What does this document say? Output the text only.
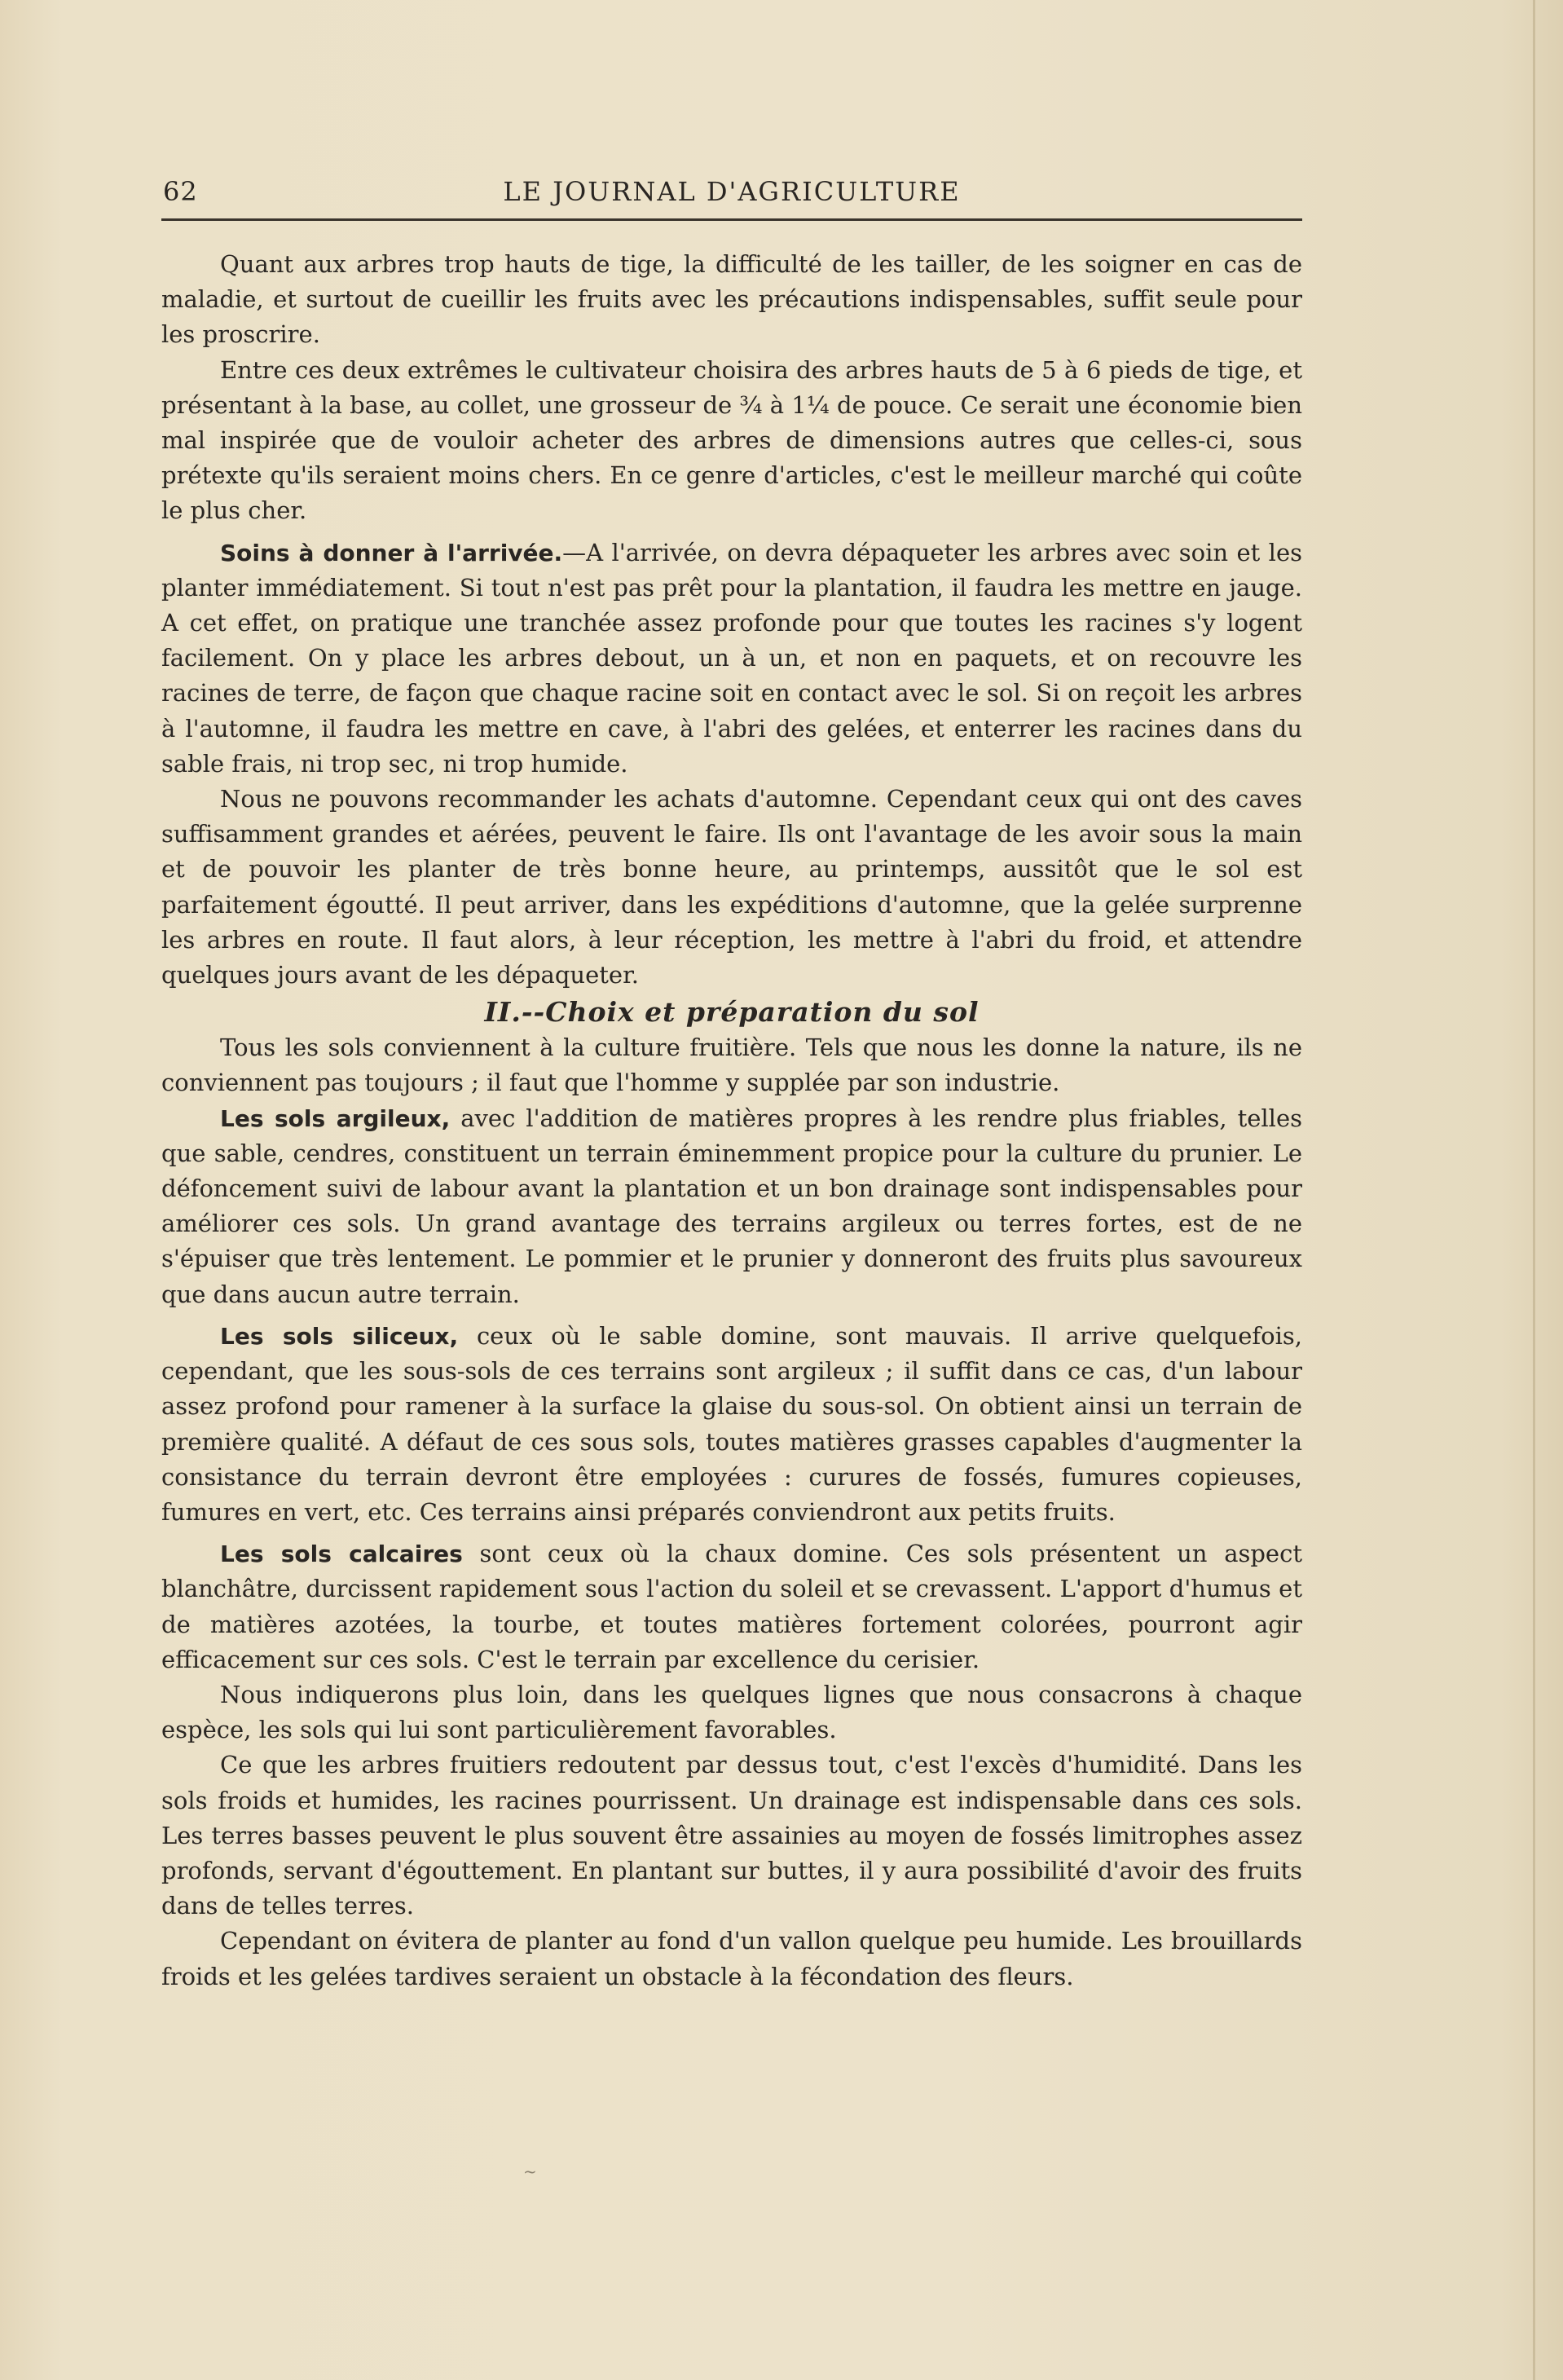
62	LE JOURNAL D'AGRICULTURE

Quant aux arbres trop hauts de tige, la difficulté de les tailler, de les soigner en cas de maladie, et surtout de cueillir les fruits avec les précautions indispensables, suffit seule pour les proscrire.

Entre ces deux extrêmes le cultivateur choisira des arbres hauts de 5 à 6 pieds de tige, et présentant à la base, au collet, une grosseur de ¾ à 1¼ de pouce. Ce serait une économie bien mal inspirée que de vouloir acheter des arbres de dimensions autres que celles-ci, sous prétexte qu'ils seraient moins chers. En ce genre d'articles, c'est le meilleur marché qui coûte le plus cher.

Soins à donner à l'arrivée.—A l'arrivée, on devra dépaqueter les arbres avec soin et les planter immédiatement. Si tout n'est pas prêt pour la plantation, il faudra les mettre en jauge. A cet effet, on pratique une tranchée assez profonde pour que toutes les racines s'y logent facilement. On y place les arbres debout, un à un, et non en paquets, et on recouvre les racines de terre, de façon que chaque racine soit en contact avec le sol. Si on reçoit les arbres à l'automne, il faudra les mettre en cave, à l'abri des gelées, et enterrer les racines dans du sable frais, ni trop sec, ni trop humide.

Nous ne pouvons recommander les achats d'automne. Cependant ceux qui ont des caves suffisamment grandes et aérées, peuvent le faire. Ils ont l'avantage de les avoir sous la main et de pouvoir les planter de très bonne heure, au printemps, aussitôt que le sol est parfaitement égoutté. Il peut arriver, dans les expéditions d'automne, que la gelée surprenne les arbres en route. Il faut alors, à leur réception, les mettre à l'abri du froid, et attendre quelques jours avant de les dépaqueter.

II.--Choix et préparation du sol

Tous les sols conviennent à la culture fruitière. Tels que nous les donne la nature, ils ne conviennent pas toujours ; il faut que l'homme y supplée par son industrie.

Les sols argileux, avec l'addition de matières propres à les rendre plus friables, telles que sable, cendres, constituent un terrain éminemment propice pour la culture du prunier. Le défoncement suivi de labour avant la plantation et un bon drainage sont indispensables pour améliorer ces sols. Un grand avantage des terrains argileux ou terres fortes, est de ne s'épuiser que très lentement. Le pommier et le prunier y donneront des fruits plus savoureux que dans aucun autre terrain.

Les sols siliceux, ceux où le sable domine, sont mauvais. Il arrive quelquefois, cependant, que les sous-sols de ces terrains sont argileux ; il suffit dans ce cas, d'un labour assez profond pour ramener à la surface la glaise du sous-sol. On obtient ainsi un terrain de première qualité. A défaut de ces sous sols, toutes matières grasses capables d'augmenter la consistance du terrain devront être employées : curures de fossés, fumures copieuses, fumures en vert, etc. Ces terrains ainsi préparés conviendront aux petits fruits.

Les sols calcaires sont ceux où la chaux domine. Ces sols présentent un aspect blanchâtre, durcissent rapidement sous l'action du soleil et se crevassent. L'apport d'humus et de matières azotées, la tourbe, et toutes matières fortement colorées, pourront agir efficacement sur ces sols. C'est le terrain par excellence du cerisier.

Nous indiquerons plus loin, dans les quelques lignes que nous consacrons à chaque espèce, les sols qui lui sont particulièrement favorables.

Ce que les arbres fruitiers redoutent par dessus tout, c'est l'excès d'humidité. Dans les sols froids et humides, les racines pourrissent. Un drainage est indispensable dans ces sols. Les terres basses peuvent le plus souvent être assainies au moyen de fossés limitrophes assez profonds, servant d'égouttement. En plantant sur buttes, il y aura possibilité d'avoir des fruits dans de telles terres.

Cependant on évitera de planter au fond d'un vallon quelque peu humide. Les brouillards froids et les gelées tardives seraient un obstacle à la fécondation des fleurs.

~
